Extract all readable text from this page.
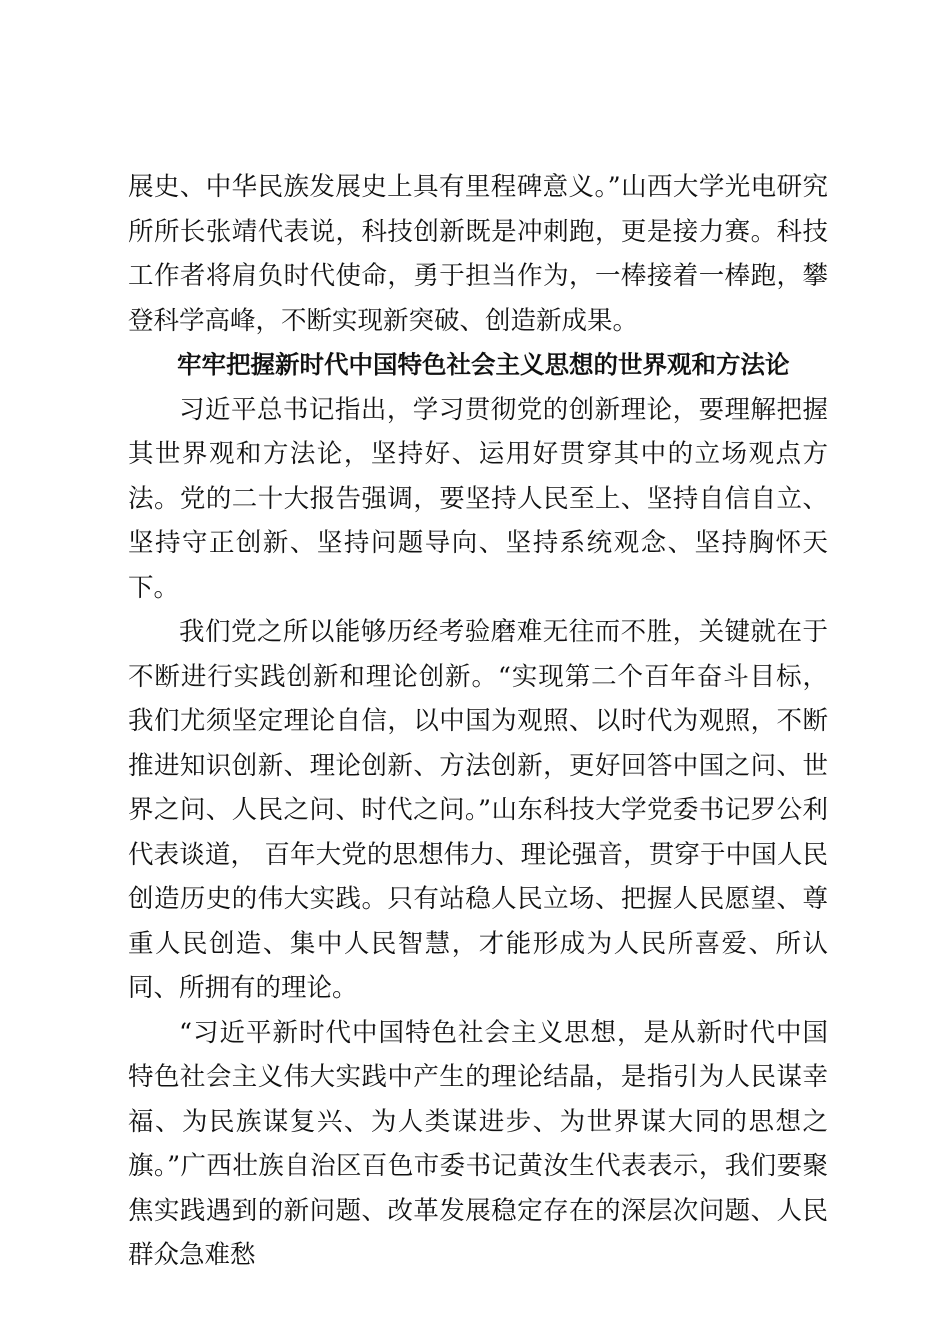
展史、中华民族发展史上具有里程碑意义。”山西大学光电研究所所长张靖代表说，科技创新既是冲刺跑，更是接力赛。科技工作者将肩负时代使命，勇于担当作为，一棒接着一棒跑，攀登科学高峰，不断实现新突破、创造新成果。

牢牢把握新时代中国特色社会主义思想的世界观和方法论

习近平总书记指出，学习贯彻党的创新理论，要理解把握其世界观和方法论，坚持好、运用好贯穿其中的立场观点方法。党的二十大报告强调，要坚持人民至上、坚持自信自立、坚持守正创新、坚持问题导向、坚持系统观念、坚持胸怀天下。

我们党之所以能够历经考验磨难无往而不胜，关键就在于不断进行实践创新和理论创新。“实现第二个百年奋斗目标，我们尤须坚定理论自信，以中国为观照、以时代为观照，不断推进知识创新、理论创新、方法创新，更好回答中国之问、世界之问、人民之问、时代之问。”山东科技大学党委书记罗公利代表谈道， 百年大党的思想伟力、理论强音，贯穿于中国人民创造历史的伟大实践。只有站稳人民立场、把握人民愿望、尊重人民创造、集中人民智慧，才能形成为人民所喜爱、所认同、所拥有的理论。

“习近平新时代中国特色社会主义思想，是从新时代中国特色社会主义伟大实践中产生的理论结晶，是指引为人民谋幸福、为民族谋复兴、为人类谋进步、为世界谋大同的思想之旗。”广西壮族自治区百色市委书记黄汝生代表表示，我们要聚焦实践遇到的新问题、改革发展稳定存在的深层次问题、人民群众急难愁
